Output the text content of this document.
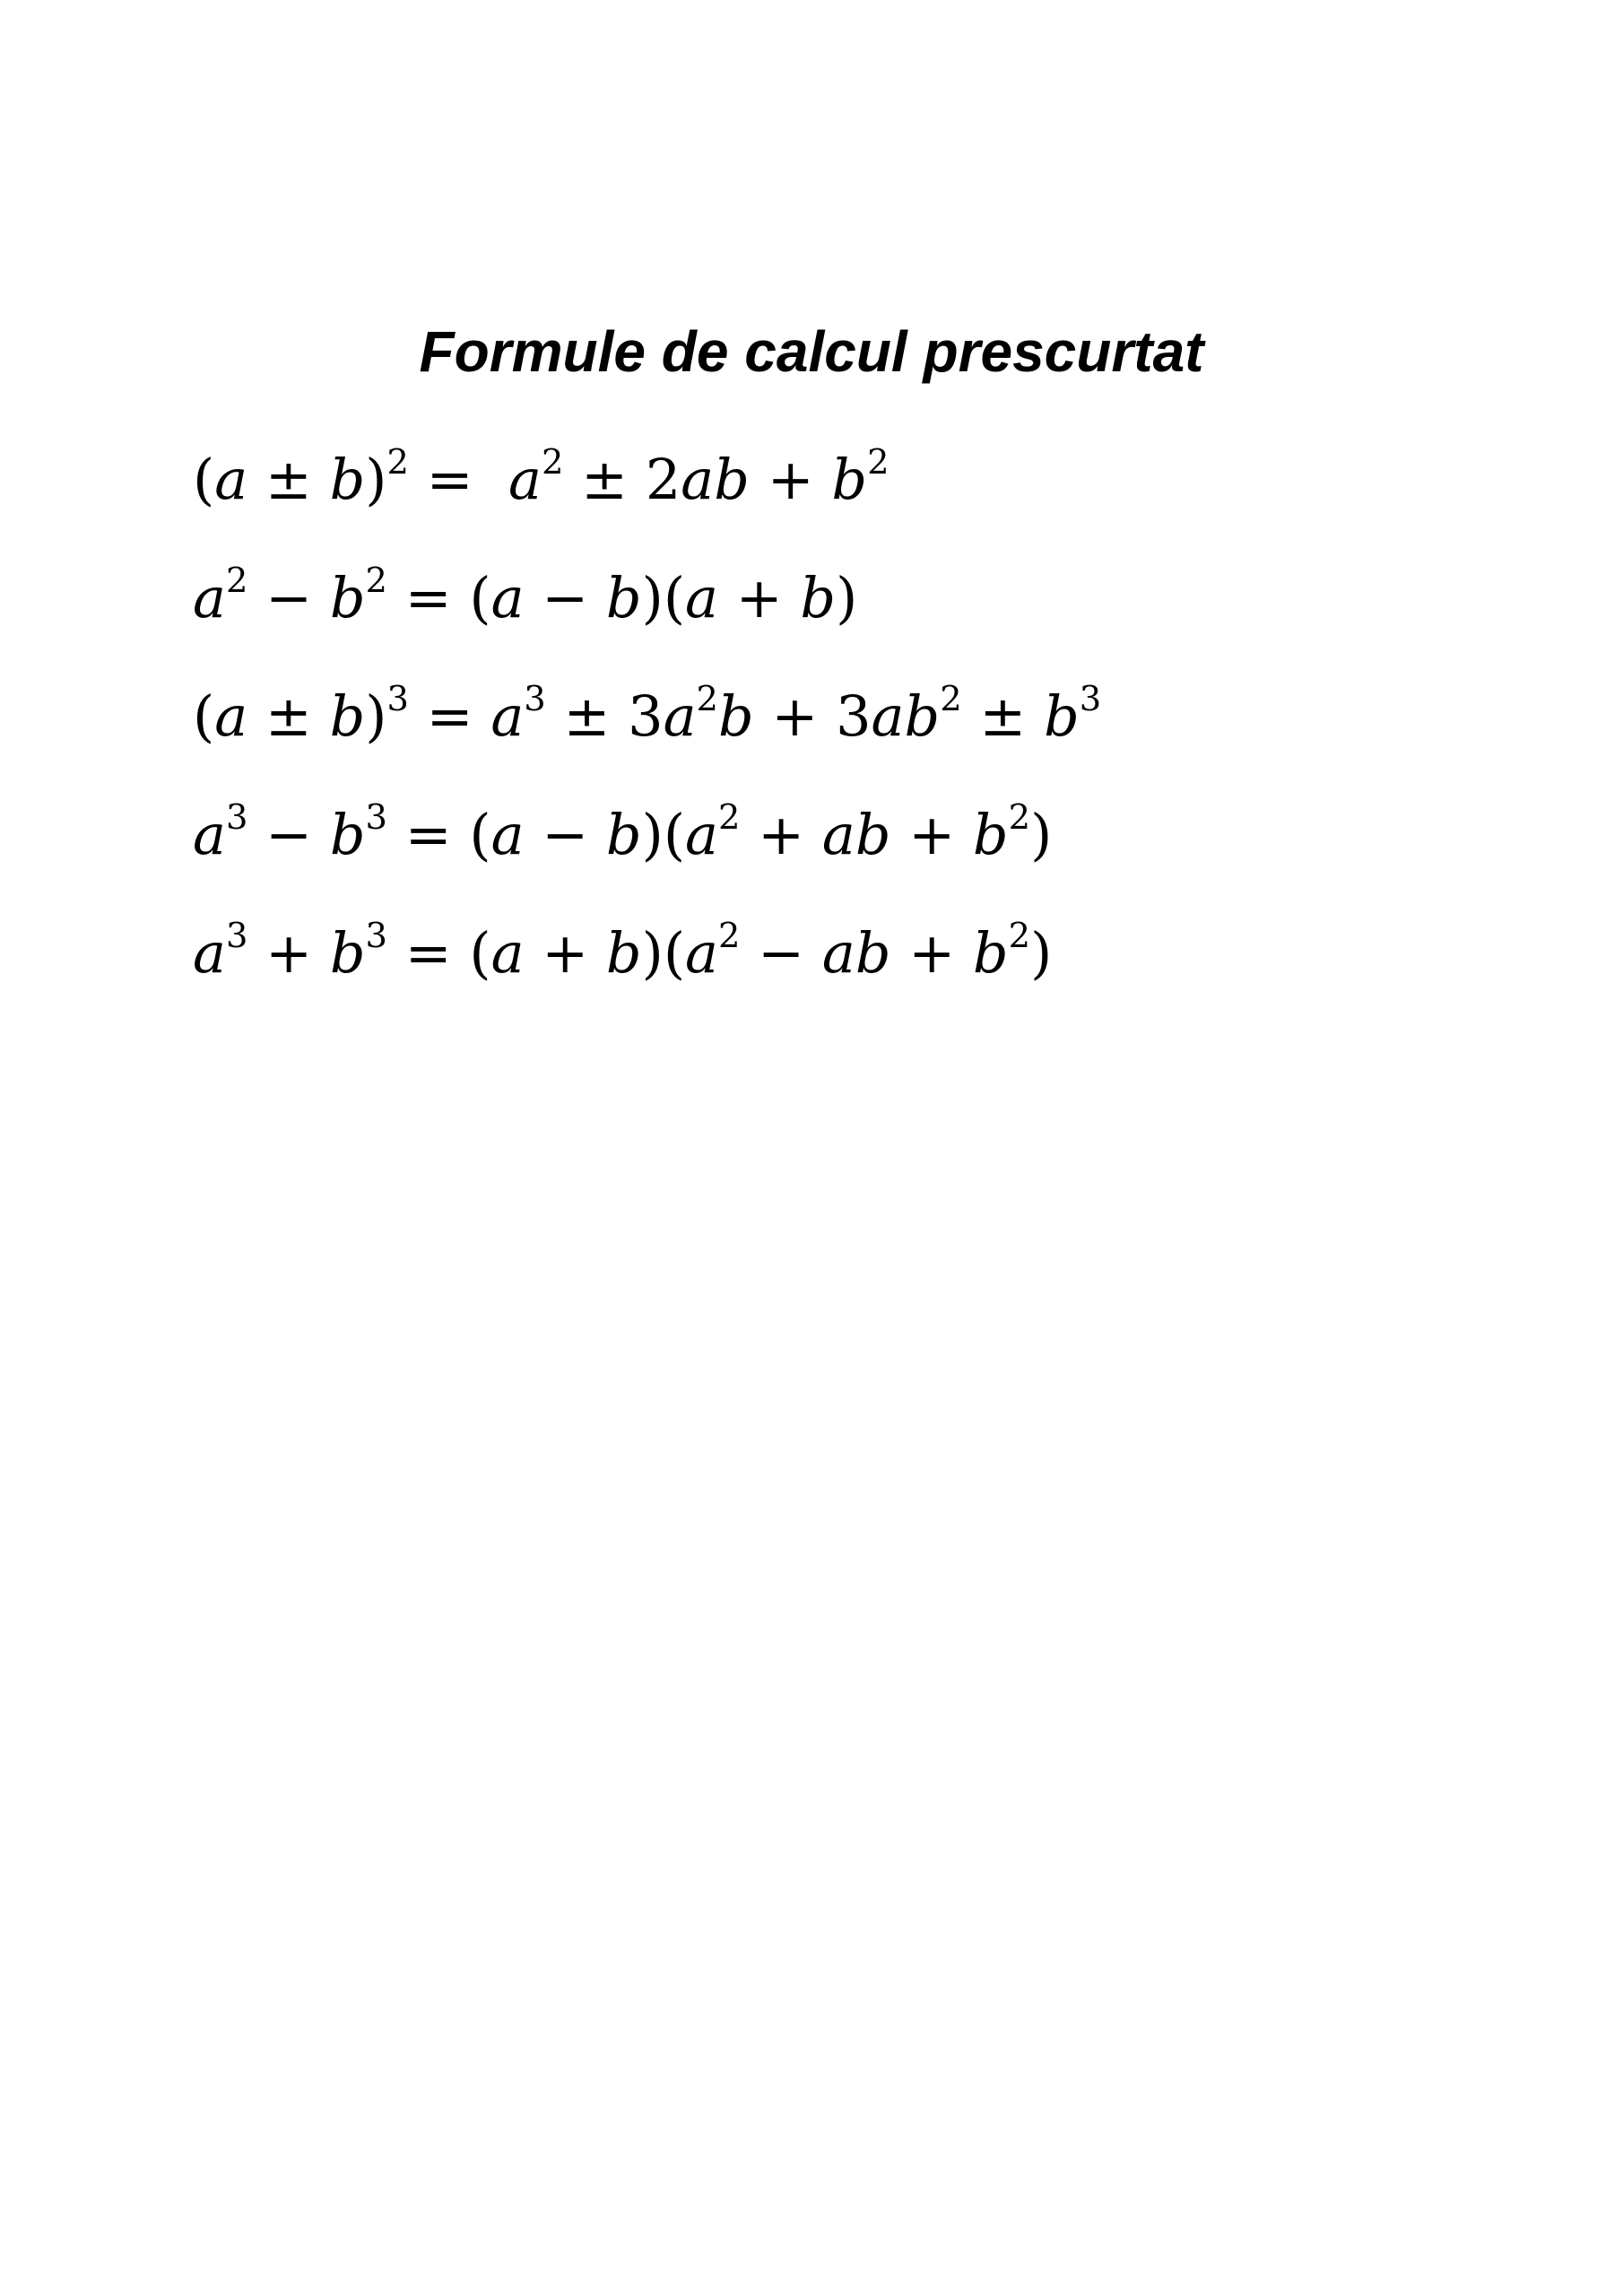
Formule de calcul prescurtat
$(a \pm b)^2 = a^2 \pm 2ab + b^2$
$a^2 - b^2 = (a - b)(a + b)$
$(a \pm b)^3 = a^3 \pm 3a^2b + 3ab^2 \pm b^3$
$a^3 - b^3 = (a - b)(a^2$ + ab + $b^2$)
$a^3 + b^3 = (a + b)(a^2$ − ab + $b^2$)
